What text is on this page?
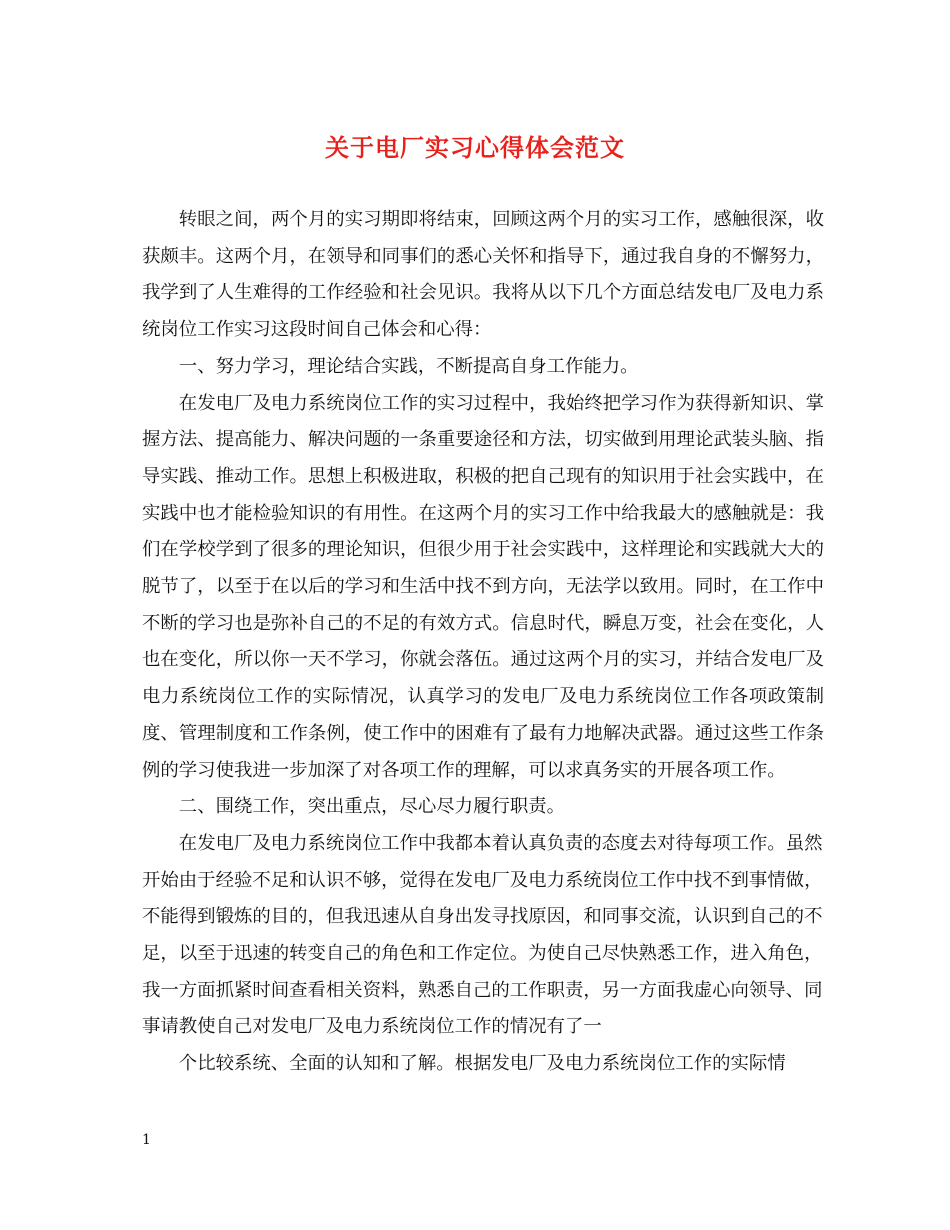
关于电厂实习心得体会范文

转眼之间，两个月的实习期即将结束，回顾这两个月的实习工作，感触很深，收获颇丰。这两个月，在领导和同事们的悉心关怀和指导下，通过我自身的不懈努力，我学到了人生难得的工作经验和社会见识。我将从以下几个方面总结发电厂及电力系统岗位工作实习这段时间自己体会和心得：

一、努力学习，理论结合实践，不断提高自身工作能力。

在发电厂及电力系统岗位工作的实习过程中，我始终把学习作为获得新知识、掌握方法、提高能力、解决问题的一条重要途径和方法，切实做到用理论武装头脑、指导实践、推动工作。思想上积极进取，积极的把自己现有的知识用于社会实践中，在实践中也才能检验知识的有用性。在这两个月的实习工作中给我最大的感触就是：我们在学校学到了很多的理论知识，但很少用于社会实践中，这样理论和实践就大大的脱节了，以至于在以后的学习和生活中找不到方向，无法学以致用。同时，在工作中不断的学习也是弥补自己的不足的有效方式。信息时代，瞬息万变，社会在变化，人也在变化，所以你一天不学习，你就会落伍。通过这两个月的实习，并结合发电厂及电力系统岗位工作的实际情况，认真学习的发电厂及电力系统岗位工作各项政策制度、管理制度和工作条例，使工作中的困难有了最有力地解决武器。通过这些工作条例的学习使我进一步加深了对各项工作的理解，可以求真务实的开展各项工作。

二、围绕工作，突出重点，尽心尽力履行职责。

在发电厂及电力系统岗位工作中我都本着认真负责的态度去对待每项工作。虽然开始由于经验不足和认识不够，觉得在发电厂及电力系统岗位工作中找不到事情做，不能得到锻炼的目的，但我迅速从自身出发寻找原因，和同事交流，认识到自己的不足，以至于迅速的转变自己的角色和工作定位。为使自己尽快熟悉工作，进入角色，我一方面抓紧时间查看相关资料，熟悉自己的工作职责，另一方面我虚心向领导、同事请教使自己对发电厂及电力系统岗位工作的情况有了一

个比较系统、全面的认知和了解。根据发电厂及电力系统岗位工作的实际情

1
